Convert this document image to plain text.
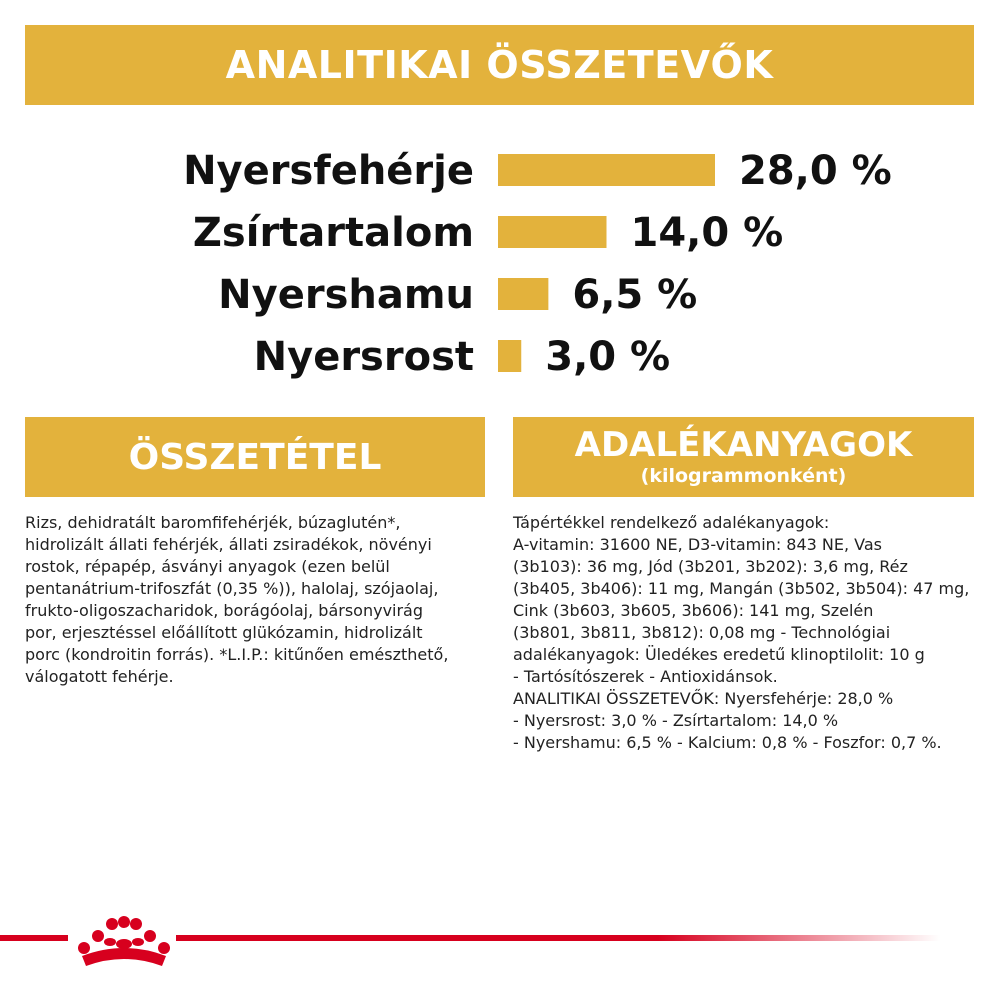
ANALITIKAI ÖSSZETEVŐK
Nyersfehérje	28,0 %
Zsírtartalom	14,0 %
Nyershamu 6,5 %
Nyersrost 3,0 %
ÖSSZETÉTEL	ADALÉKANYAGOK
(kilogrammonként)
Rizs, dehidratált baromfifehérjék, búzaglutén*,
hidrolizált állati fehérjék, állati zsiradékok, növényi
rostok, répapép, ásványi anyagok (ezen belül
pentanátrium-trifoszfát (0,35 %)), halolaj, szójaolaj,
frukto-oligoszacharidok, borágóolaj, bársonyvirág
por, erjesztéssel előállított glükózamin, hidrolizált
porc (kondroitin forrás). *L.I.P.: kitűnően emészthető,
válogatott fehérje.
Tápértékkel rendelkező adalékanyagok:
A-vitamin: 31600 NE, D3-vitamin: 843 NE, Vas
(3b103): 36 mg, Jód (3b201, 3b202): 3,6 mg, Réz
(3b405, 3b406): 11 mg, Mangán (3b502, 3b504): 47 mg,
Cink (3b603, 3b605, 3b606): 141 mg, Szelén
(3b801, 3b811, 3b812): 0,08 mg - Technológiai
adalékanyagok: Üledékes eredetű klinoptilolit: 10 g
- Tartósítószerek - Antioxidánsok.
ANALITIKAI ÖSSZETEVŐK: Nyersfehérje: 28,0 %
- Nyersrost: 3,0 % - Zsírtartalom: 14,0 %
- Nyershamu: 6,5 % - Kalcium: 0,8 % - Foszfor: 0,7 %.
